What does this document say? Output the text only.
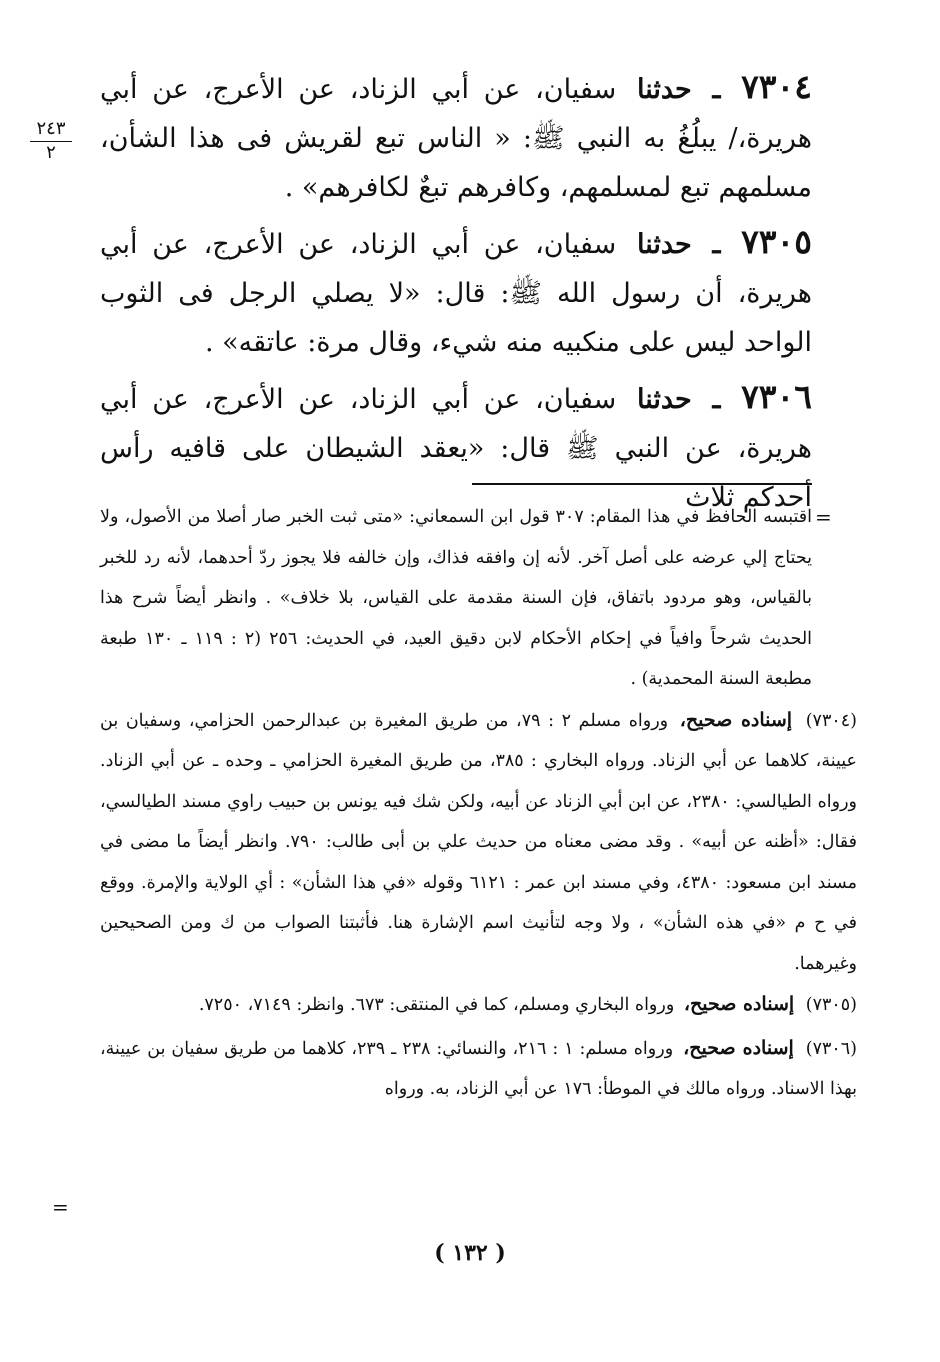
٢٤٣
٢

٧٣٠٤ ـ حدثنا سفيان، عن أبي الزناد، عن الأعرج، عن أبي هريرة،/ يبلُغُ به النبي ﷺ: « الناس تبع لقريش فى هذا الشأن، مسلمهم تبع لمسلمهم، وكافرهم تبعٌ لكافرهم» .

٧٣٠٥ ـ حدثنا سفيان، عن أبي الزناد، عن الأعرج، عن أبي هريرة، أن رسول الله ﷺ: قال: «لا يصلي الرجل فى الثوب الواحد ليس على منكبيه منه شيء، وقال مرة: عاتقه» .

٧٣٠٦ ـ حدثنا سفيان، عن أبي الزناد، عن الأعرج، عن أبي هريرة، عن النبي ﷺ قال: «يعقد الشيطان على قافيه رأس أحدكم ثلاث

=
=

اقتبسه الحافظ في هذا المقام: ٣٠٧ قول ابن السمعاني: «متى ثبت الخبر صار أصلا من الأصول، ولا يحتاج إلي عرضه على أصل آخر. لأنه إن وافقه فذاك، وإن خالفه فلا يجوز ردّ أحدهما، لأنه رد للخبر بالقياس، وهو مردود باتفاق، فإن السنة مقدمة على القياس، بلا خلاف» . وانظر أيضاً شرح هذا الحديث شرحاً وافياً في إحكام الأحكام لابن دقيق العيد، في الحديث: ٢٥٦ (٢ : ١١٩ ـ ١٣٠ طبعة مطبعة السنة المحمدية) .

(٧٣٠٤) إسناده صحيح، ورواه مسلم ٢ : ٧٩، من طريق المغيرة بن عبدالرحمن الحزامي، وسفيان بن عيينة، كلاهما عن أبي الزناد. ورواه البخاري : ٣٨٥، من طريق المغيرة الحزامي ـ وحده ـ عن أبي الزناد. ورواه الطيالسي: ٢٣٨٠، عن ابن أبي الزناد عن أبيه، ولكن شك فيه يونس بن حبيب راوي مسند الطيالسي، فقال: «أظنه عن أبيه» . وقد مضى معناه من حديث علي بن أبى طالب: ٧٩٠. وانظر أيضاً ما مضى في مسند ابن مسعود: ٤٣٨٠، وفي مسند ابن عمر : ٦١٢١ وقوله «في هذا الشأن» : أي الولاية والإمرة. ووقع في ح م «في هذه الشأن» ، ولا وجه لتأنيث اسم الإشارة هنا. فأثبتنا الصواب من ك ومن الصحيحين وغيرهما.

(٧٣٠٥) إسناده صحيح، ورواه البخاري ومسلم، كما في المنتقى: ٦٧٣. وانظر: ٧١٤٩، ٧٢٥٠.

(٧٣٠٦) إسناده صحيح، ورواه مسلم: ١ : ٢١٦، والنسائي: ٢٣٨ ـ ٢٣٩، كلاهما من طريق سفيان بن عيينة، بهذا الاسناد. ورواه مالك في الموطأ: ١٧٦ عن أبي الزناد، به. ورواه

( ١٣٢ )
